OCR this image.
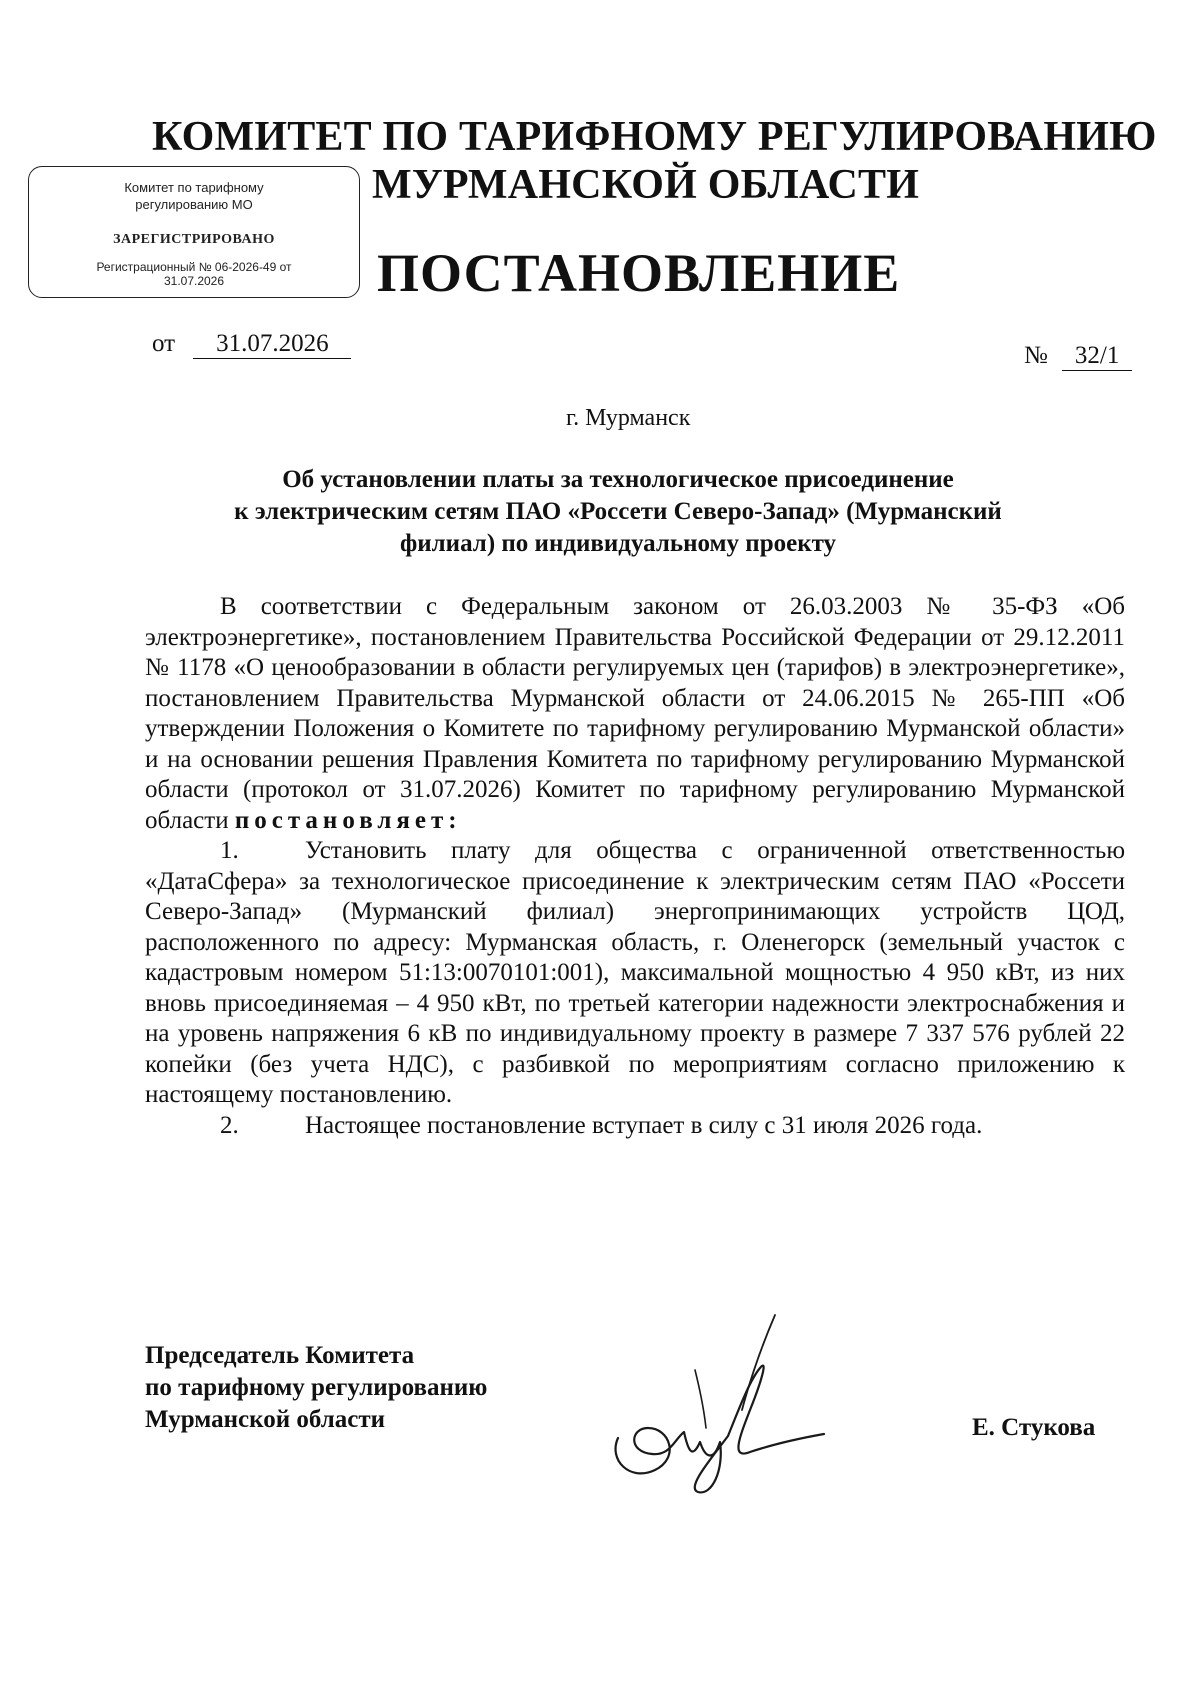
КОМИТЕТ ПО ТАРИФНОМУ РЕГУЛИРОВАНИЮ
МУРМАНСКОЙ ОБЛАСТИ
ПОСТАНОВЛЕНИЕ
Комитет по тарифному регулированию МО
ЗАРЕГИСТРИРОВАНО
Регистрационный № 06-2026-49 от 31.07.2026
от 31.07.2026	№ 32/1
г. Мурманск
Об установлении платы за технологическое присоединение
к электрическим сетям ПАО «Россети Северо-Запад» (Мурманский
филиал) по индивидуальному проекту

В соответствии с Федеральным законом от 26.03.2003 № 35-ФЗ «Об электроэнергетике», постановлением Правительства Российской Федерации от 29.12.2011 № 1178 «О ценообразовании в области регулируемых цен (тарифов) в электроэнергетике», постановлением Правительства Мурманской области от 24.06.2015 № 265-ПП «Об утверждении Положения о Комитете по тарифному регулированию Мурманской области» и на основании решения Правления Комитета по тарифному регулированию Мурманской области (протокол от 31.07.2026) Комитет по тарифному регулированию Мурманской области постановляет:

1.	Установить плату для общества с ограниченной ответственностью «ДатаСфера» за технологическое присоединение к электрическим сетям ПАО «Россети Северо-Запад» (Мурманский филиал) энергопринимающих устройств ЦОД, расположенного по адресу: Мурманская область, г. Оленегорск (земельный участок с кадастровым номером 51:13:0070101:001), максимальной мощностью 4 950 кВт, из них вновь присоединяемая – 4 950 кВт, по третьей категории надежности электроснабжения и на уровень напряжения 6 кВ по индивидуальному проекту в размере 7 337 576 рублей 22 копейки (без учета НДС), с разбивкой по мероприятиям согласно приложению к настоящему постановлению.

2.	Настоящее постановление вступает в силу с 31 июля 2026 года.

Председатель Комитета
по тарифному регулированию
Мурманской области	Е. Стукова
